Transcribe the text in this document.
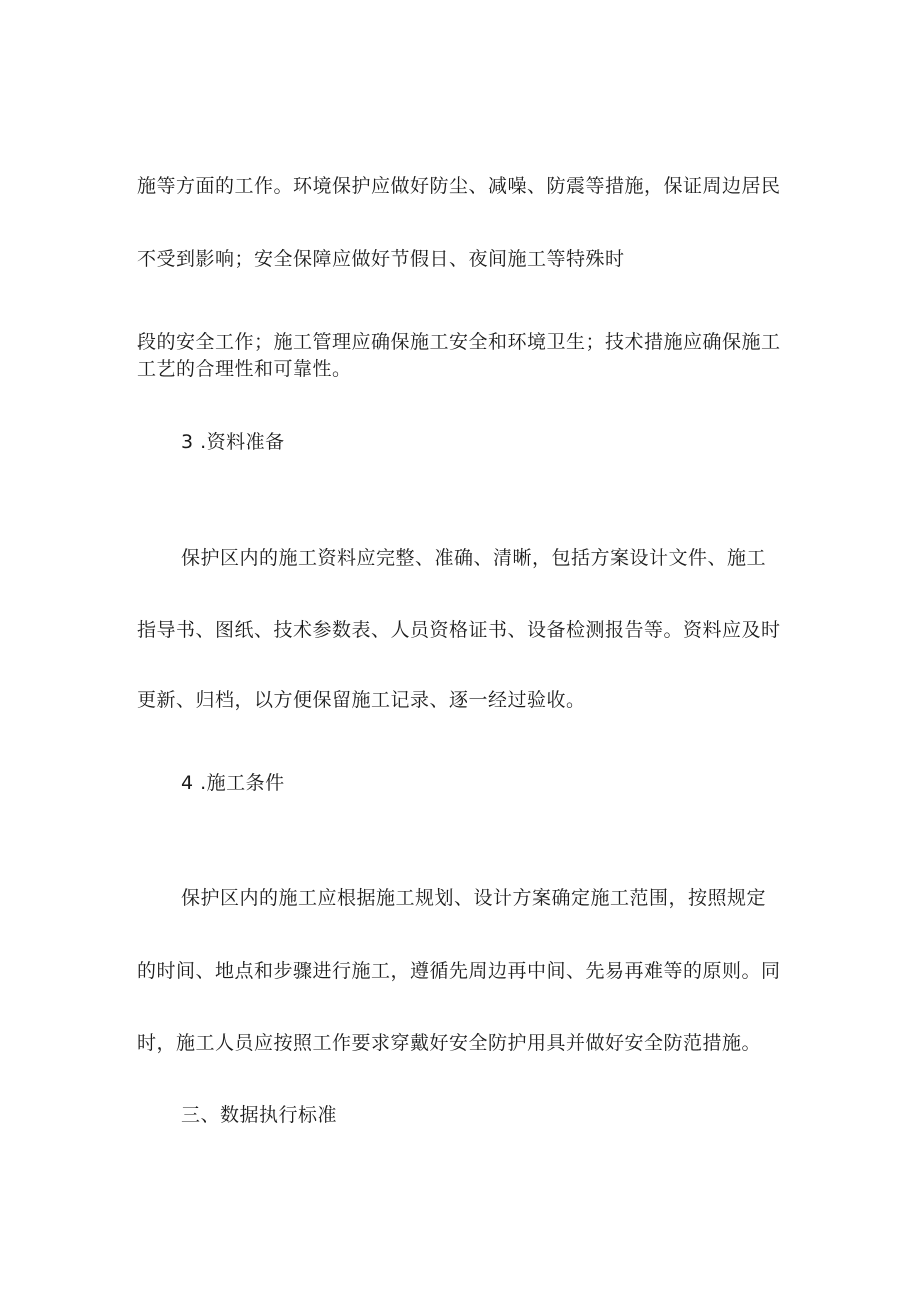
施等方面的工作。环境保护应做好防尘、减噪、防震等措施，保证周边居民

不受到影响；安全保障应做好节假日、夜间施工等特殊时

段的安全工作；施工管理应确保施工安全和环境卫生；技术措施应确保施工

工艺的合理性和可靠性。

3 .资料准备

保护区内的施工资料应完整、准确、清晰，包括方案设计文件、施工

指导书、图纸、技术参数表、人员资格证书、设备检测报告等。资料应及时

更新、归档，以方便保留施工记录、逐一经过验收。

4 .施工条件

保护区内的施工应根据施工规划、设计方案确定施工范围，按照规定

的时间、地点和步骤进行施工，遵循先周边再中间、先易再难等的原则。同

时，施工人员应按照工作要求穿戴好安全防护用具并做好安全防范措施。

三、数据执行标准
